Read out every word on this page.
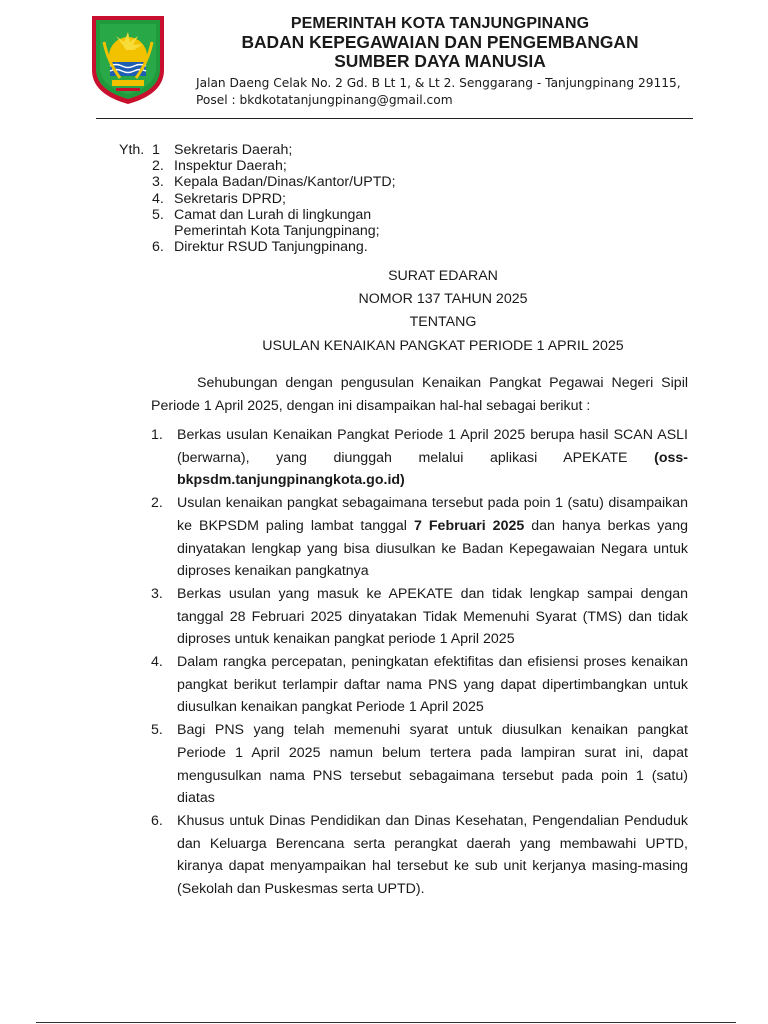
PEMERINTAH KOTA TANJUNGPINANG
BADAN KEPEGAWAIAN DAN PENGEMBANGAN
SUMBER DAYA MANUSIA
Jalan Daeng Celak No. 2 Gd. B Lt 1, & Lt 2. Senggarang - Tanjungpinang 29115,
Posel : bkdkotatanjungpinang@gmail.com
Yth. 1 Sekretaris Daerah;
2. Inspektur Daerah;
3. Kepala Badan/Dinas/Kantor/UPTD;
4. Sekretaris DPRD;
5. Camat dan Lurah di lingkungan
Pemerintah Kota Tanjungpinang;
6. Direktur RSUD Tanjungpinang.
SURAT EDARAN
NOMOR 137 TAHUN 2025
TENTANG
USULAN KENAIKAN PANGKAT PERIODE 1 APRIL 2025
Sehubungan dengan pengusulan Kenaikan Pangkat Pegawai Negeri Sipil Periode 1 April 2025, dengan ini disampaikan hal-hal sebagai berikut :
1. Berkas usulan Kenaikan Pangkat Periode 1 April 2025 berupa hasil SCAN ASLI (berwarna), yang diunggah melalui aplikasi APEKATE (oss-bkpsdm.tanjungpinangkota.go.id)
2. Usulan kenaikan pangkat sebagaimana tersebut pada poin 1 (satu) disampaikan ke BKPSDM paling lambat tanggal 7 Februari 2025 dan hanya berkas yang dinyatakan lengkap yang bisa diusulkan ke Badan Kepegawaian Negara untuk diproses kenaikan pangkatnya
3. Berkas usulan yang masuk ke APEKATE dan tidak lengkap sampai dengan tanggal 28 Februari 2025 dinyatakan Tidak Memenuhi Syarat (TMS) dan tidak diproses untuk kenaikan pangkat periode 1 April 2025
4. Dalam rangka percepatan, peningkatan efektifitas dan efisiensi proses kenaikan pangkat berikut terlampir daftar nama PNS yang dapat dipertimbangkan untuk diusulkan kenaikan pangkat Periode 1 April 2025
5. Bagi PNS yang telah memenuhi syarat untuk diusulkan kenaikan pangkat Periode 1 April 2025 namun belum tertera pada lampiran surat ini, dapat mengusulkan nama PNS tersebut sebagaimana tersebut pada poin 1 (satu) diatas
6. Khusus untuk Dinas Pendidikan dan Dinas Kesehatan, Pengendalian Penduduk dan Keluarga Berencana serta perangkat daerah yang membawahi UPTD, kiranya dapat menyampaikan hal tersebut ke sub unit kerjanya masing-masing (Sekolah dan Puskesmas serta UPTD).
